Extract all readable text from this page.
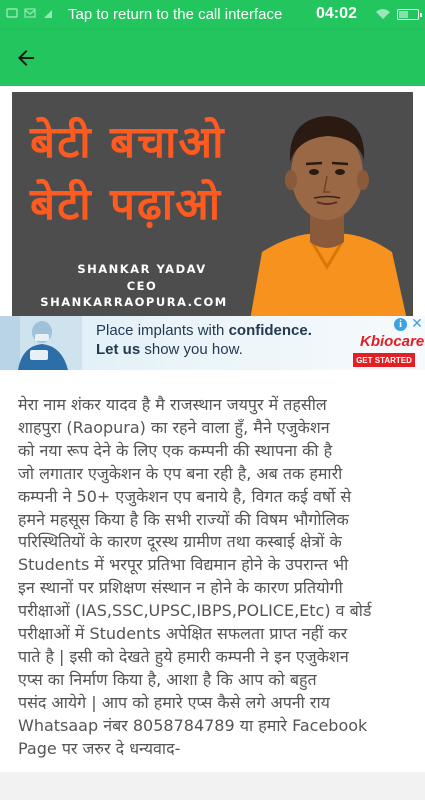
Tap to return to the call interface 04:02
बेटी बचाओ
बेटी पढ़ाओ
SHANKAR YADAV
CEO
SHANKARRAOPURA.COM
Place implants with confidence.
Let us show you how.	Kbiocare
GET STARTED
i ✕
मेरा नाम शंकर यादव है मै राजस्थान जयपुर में तहसील
शाहपुरा (Raopura) का रहने वाला हुँ, मैने एजुकेशन
को नया रूप देने के लिए एक कम्पनी की स्थापना की है
जो लगातार एजुकेशन के एप बना रही है, अब तक हमारी
कम्पनी ने 50+ एजुकेशन एप बनाये है, विगत कई वर्षो से
हमने महसूस किया है कि सभी राज्यों की विषम भौगोलिक
परिस्थितियों के कारण दूरस्थ ग्रामीण तथा कस्बाई क्षेत्रों के
Students में भरपूर प्रतिभा विद्यमान होने के उपरान्त भी
इन स्थानों पर प्रशिक्षण संस्थान न होने के कारण प्रतियोगी
परीक्षाओं (IAS,SSC,UPSC,IBPS,POLICE,Etc) व बोर्ड
परीक्षाओं में Students अपेक्षित सफलता प्राप्त नहीं कर
पाते है | इसी को देखते हुये हमारी कम्पनी ने इन एजुकेशन
एप्स का निर्माण किया है, आशा है कि आप को बहुत
पसंद आयेगे | आप को हमारे एप्स कैसे लगे अपनी राय
Whatsaap नंबर 8058784789 या हमारे Facebook
Page पर जरुर दे धन्यवाद-
